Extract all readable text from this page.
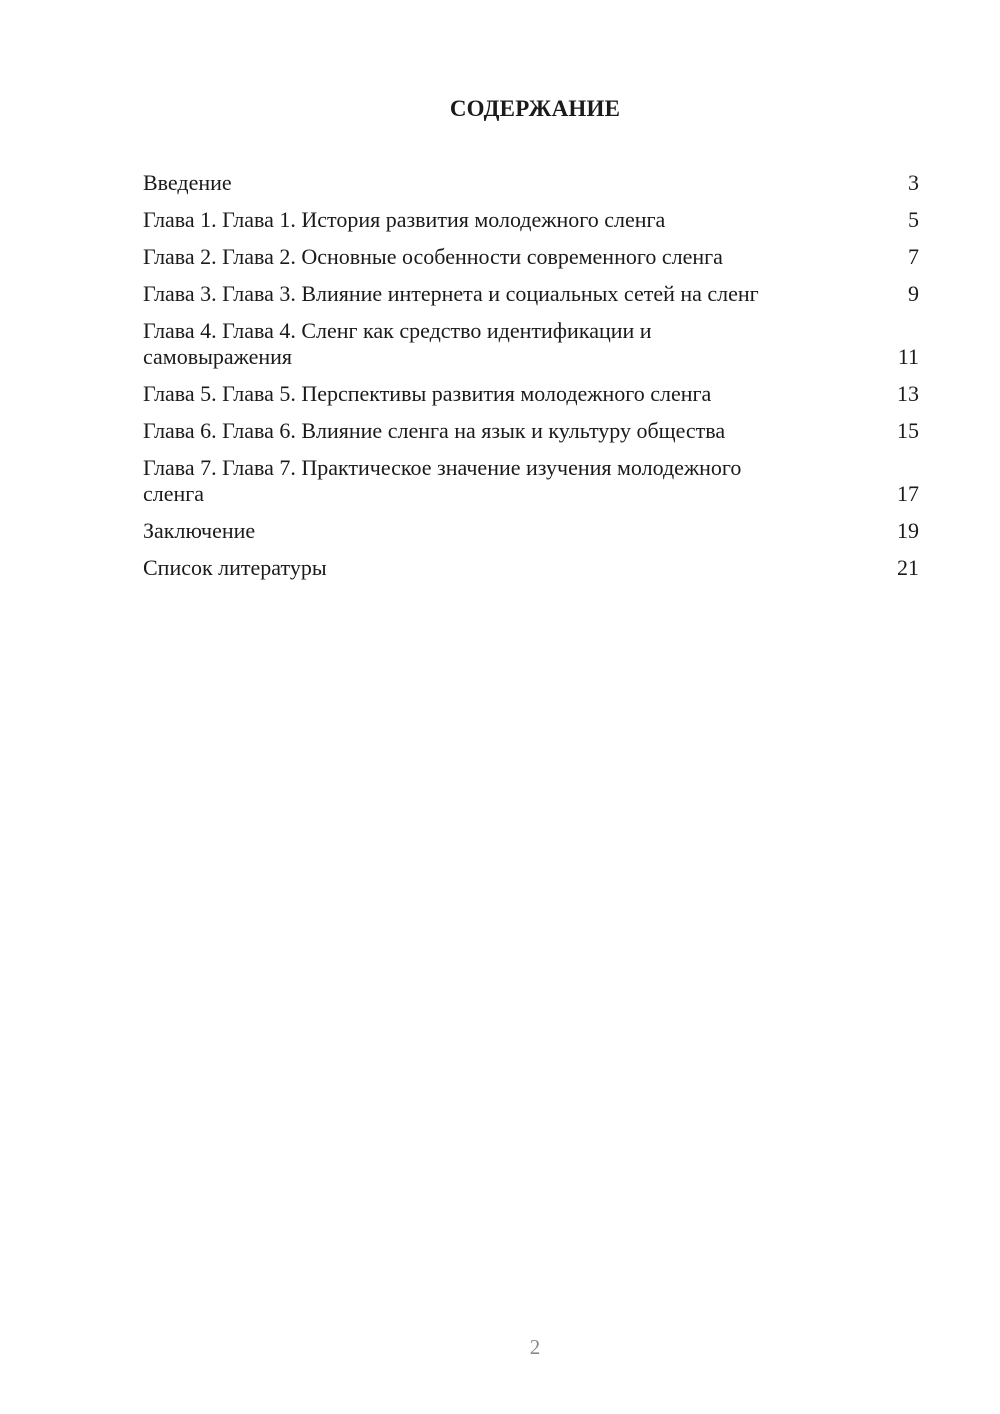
СОДЕРЖАНИЕ
Введение	3
Глава 1. Глава 1. История развития молодежного сленга	5
Глава 2. Глава 2. Основные особенности современного сленга	7
Глава 3. Глава 3. Влияние интернета и социальных сетей на сленг	9
Глава 4. Глава 4. Сленг как средство идентификации и самовыражения	11
Глава 5. Глава 5. Перспективы развития молодежного сленга	13
Глава 6. Глава 6. Влияние сленга на язык и культуру общества	15
Глава 7. Глава 7. Практическое значение изучения молодежного сленга	17
Заключение	19
Список литературы	21
2
